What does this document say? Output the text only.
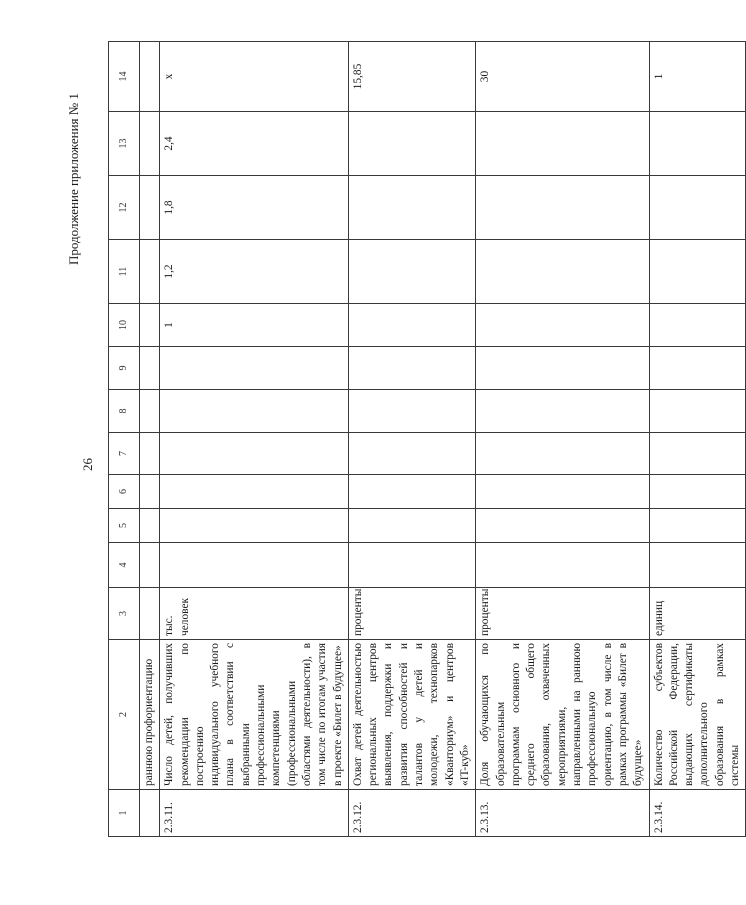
Продолжение приложения № 1
26
1	2	3	4	5	6	7	8	9	10	11	12	13	14
	раннюю профориентацию												
2.3.11.	Число детей, получивших рекомендации по построению индивидуального учебного плана в соответствии с выбранными профессиональными компетенциями (профессиональными областями деятельности), в том числе по итогам участия в проекте «Билет в будущее»	тыс. человек							1	1,2	1,8	2,4	x
2.3.12.	Охват детей деятельностью региональных центров выявления, поддержки и развития способностей и талантов у детей и молодежи, технопарков «Кванториум» и центров «IT-куб»	проценты											15,85
2.3.13.	Доля обучающихся по образовательным программам основного и среднего общего образования, охваченных мероприятиями, направленными на раннюю профессиональную ориентацию, в том числе в рамках программы «Билет в будущее»	проценты											30
2.3.14.	Количество субъектов Российской Федерации, выдающих сертификаты дополнительного образования в рамках системы	единиц											1
